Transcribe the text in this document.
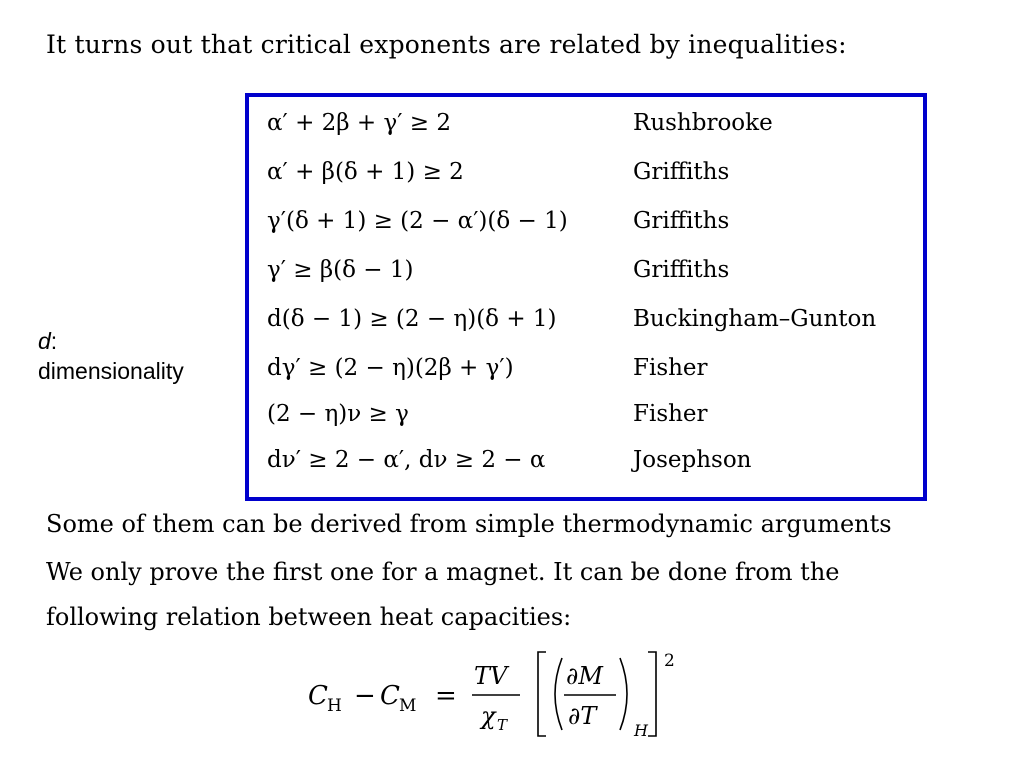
It turns out that critical exponents are related by inequalities:
α′ + 2β + γ′ ≥ 2	Rushbrooke
α′ + β(δ + 1) ≥ 2	Griffiths
γ′(δ + 1) ≥ (2 − α′)(δ − 1)	Griffiths
γ′ ≥ β(δ − 1)	Griffiths
d(δ − 1) ≥ (2 − η)(δ + 1)	Buckingham–Gunton
dγ′ ≥ (2 − η)(2β + γ′)	Fisher
(2 − η)ν ≥ γ	Fisher
dν′ ≥ 2 − α′, dν ≥ 2 − α	Josephson
d:
dimensionality
Some of them can be derived from simple thermodynamic arguments
We only prove the first one for a magnet. It can be done from the
following relation between heat capacities:
C H − C M =
TV
χ T
∂M
∂T
H
2
